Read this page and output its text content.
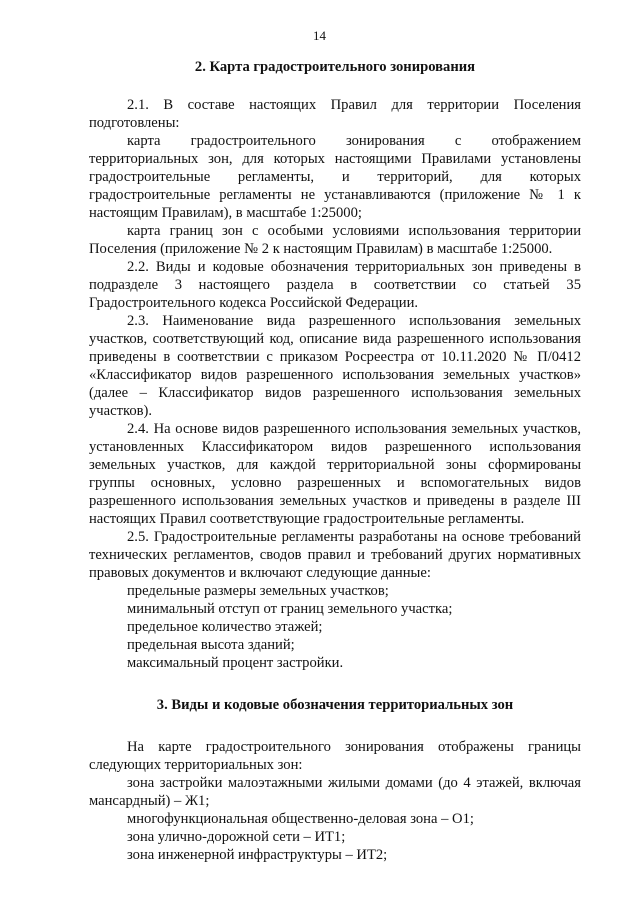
14
2. Карта градостроительного зонирования

2.1. В составе настоящих Правил для территории Поселения подготовлены:

карта градостроительного зонирования с отображением территориальных зон, для которых настоящими Правилами установлены градостроительные регламенты, и территорий, для которых градостроительные регламенты не устанавливаются (приложение № 1 к настоящим Правилам), в масштабе 1:25000;

карта границ зон с особыми условиями использования территории Поселения (приложение № 2 к настоящим Правилам) в масштабе 1:25000.

2.2. Виды и кодовые обозначения территориальных зон приведены в подразделе 3 настоящего раздела в соответствии со статьей 35 Градостроительного кодекса Российской Федерации.

2.3. Наименование вида разрешенного использования земельных участков, соответствующий код, описание вида разрешенного использования приведены в соответствии с приказом Росреестра от 10.11.2020 № П/0412 «Классификатор видов разрешенного использования земельных участков» (далее – Классификатор видов разрешенного использования земельных участков).

2.4. На основе видов разрешенного использования земельных участков, установленных Классификатором видов разрешенного использования земельных участков, для каждой территориальной зоны сформированы группы основных, условно разрешенных и вспомогательных видов разрешенного использования земельных участков и приведены в разделе III настоящих Правил соответствующие градостроительные регламенты.

2.5. Градостроительные регламенты разработаны на основе требований технических регламентов, сводов правил и требований других нормативных правовых документов и включают следующие данные:

предельные размеры земельных участков;

минимальный отступ от границ земельного участка;

предельное количество этажей;

предельная высота зданий;

максимальный процент застройки.

3. Виды и кодовые обозначения территориальных зон

На карте градостроительного зонирования отображены границы следующих территориальных зон:

зона застройки малоэтажными жилыми домами (до 4 этажей, включая мансардный) – Ж1;

многофункциональная общественно-деловая зона – О1;

зона улично-дорожной сети – ИТ1;

зона инженерной инфраструктуры – ИТ2;
